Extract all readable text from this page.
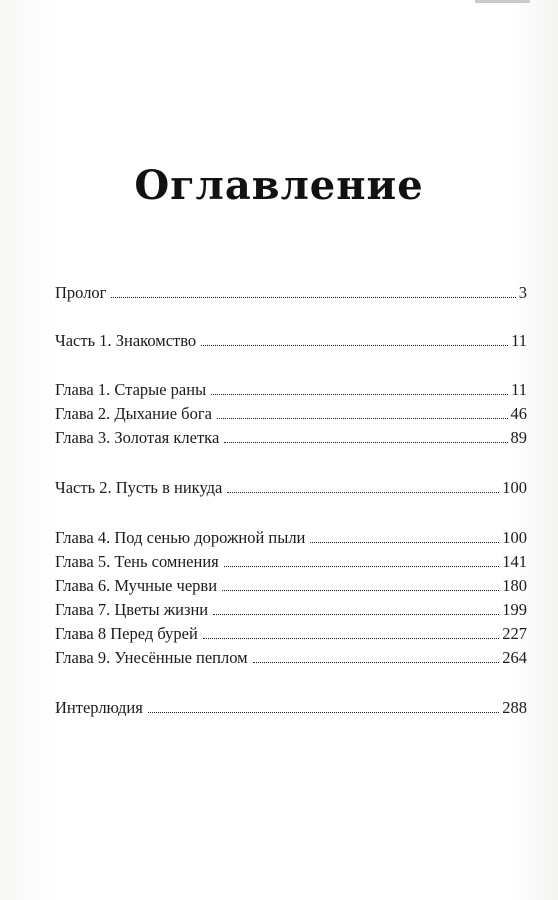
Оглавление
Пролог	3
Часть 1. Знакомство	11
Глава 1. Старые раны	11
Глава 2. Дыхание бога	46
Глава 3. Золотая клетка	89
Часть 2. Пусть в никуда	100
Глава 4. Под сенью дорожной пыли	100
Глава 5. Тень сомнения	141
Глава 6. Мучные черви	180
Глава 7. Цветы жизни	199
Глава 8 Перед бурей	227
Глава 9. Унесённые пеплом	264
Интерлюдия	288
